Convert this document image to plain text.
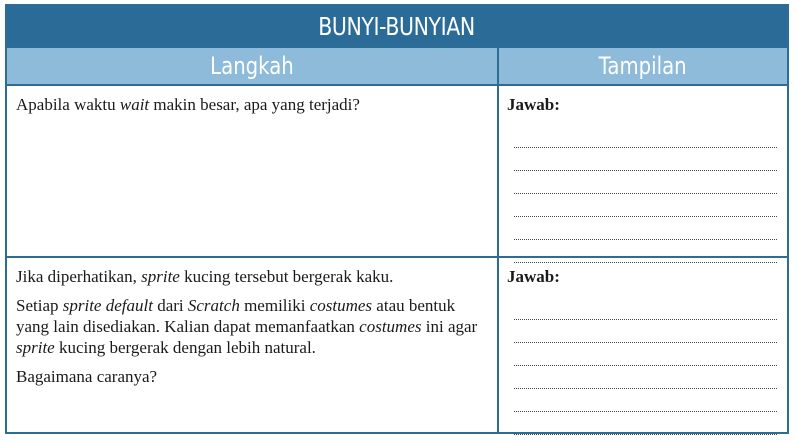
BUNYI-BUNYIAN
Langkah	Tampilan

Apabila waktu wait makin besar, apa yang terjadi?	Jawab:

Jika diperhatikan, sprite kucing tersebut bergerak kaku.

Setiap sprite default dari Scratch memiliki costumes atau bentuk yang lain disediakan. Kalian dapat memanfaatkan costumes ini agar sprite kucing bergerak dengan lebih natural.

Bagaimana caranya?

Jawab:
